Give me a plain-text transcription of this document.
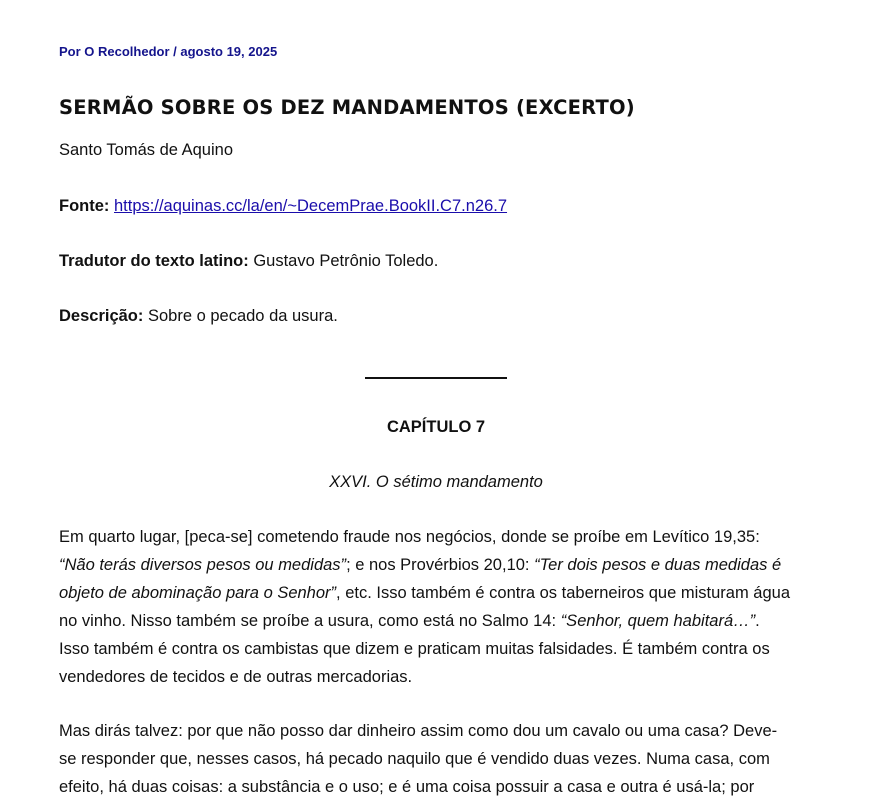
Por O Recolhedor / agosto 19, 2025
SERMÃO SOBRE OS DEZ MANDAMENTOS (EXCERTO)
Santo Tomás de Aquino
Fonte: https://aquinas.cc/la/en/~DecemPrae.BookII.C7.n26.7
Tradutor do texto latino: Gustavo Petrônio Toledo.
Descrição: Sobre o pecado da usura.
CAPÍTULO 7
XXVI. O sétimo mandamento
Em quarto lugar, [peca-se] cometendo fraude nos negócios, donde se proíbe em Levítico 19,35:
“Não terás diversos pesos ou medidas”; e nos Provérbios 20,10: “Ter dois pesos e duas medidas é
objeto de abominação para o Senhor”, etc. Isso também é contra os taberneiros que misturam água
no vinho. Nisso também se proíbe a usura, como está no Salmo 14: “Senhor, quem habitará…”.
Isso também é contra os cambistas que dizem e praticam muitas falsidades. É também contra os
vendedores de tecidos e de outras mercadorias.
Mas dirás talvez: por que não posso dar dinheiro assim como dou um cavalo ou uma casa? Deve-
se responder que, nesses casos, há pecado naquilo que é vendido duas vezes. Numa casa, com
efeito, há duas coisas: a substância e o uso; e é uma coisa possuir a casa e outra é usá-la; por
